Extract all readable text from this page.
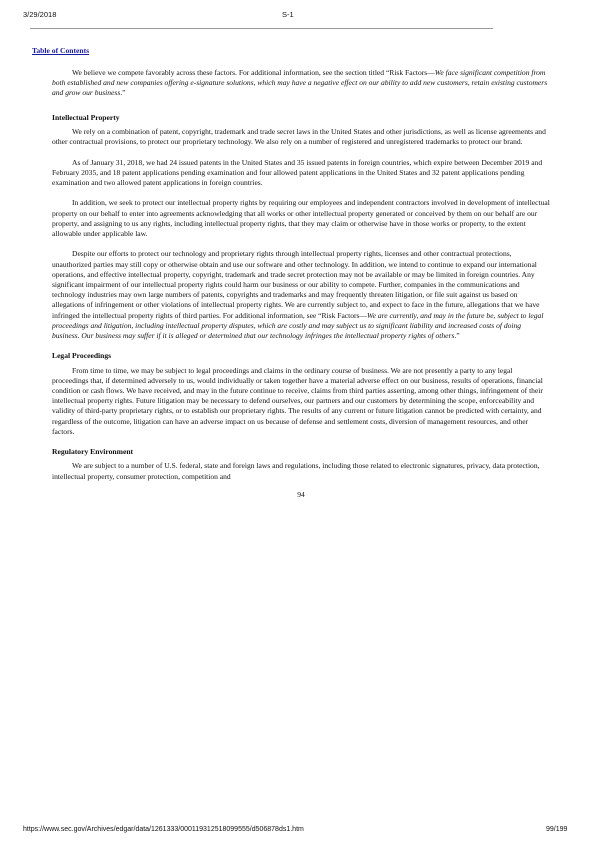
3/29/2018	S-1
Table of Contents

We believe we compete favorably across these factors. For additional information, see the section titled “Risk Factors—We face significant competition from both established and new companies offering e-signature solutions, which may have a negative effect on our ability to add new customers, retain existing customers and grow our business.”

Intellectual Property

We rely on a combination of patent, copyright, trademark and trade secret laws in the United States and other jurisdictions, as well as license agreements and other contractual provisions, to protect our proprietary technology. We also rely on a number of registered and unregistered trademarks to protect our brand.

As of January 31, 2018, we had 24 issued patents in the United States and 35 issued patents in foreign countries, which expire between December 2019 and February 2035, and 18 patent applications pending examination and four allowed patent applications in the United States and 32 patent applications pending examination and two allowed patent applications in foreign countries.

In addition, we seek to protect our intellectual property rights by requiring our employees and independent contractors involved in development of intellectual property on our behalf to enter into agreements acknowledging that all works or other intellectual property generated or conceived by them on our behalf are our property, and assigning to us any rights, including intellectual property rights, that they may claim or otherwise have in those works or property, to the extent allowable under applicable law.

Despite our efforts to protect our technology and proprietary rights through intellectual property rights, licenses and other contractual protections, unauthorized parties may still copy or otherwise obtain and use our software and other technology. In addition, we intend to continue to expand our international operations, and effective intellectual property, copyright, trademark and trade secret protection may not be available or may be limited in foreign countries. Any significant impairment of our intellectual property rights could harm our business or our ability to compete. Further, companies in the communications and technology industries may own large numbers of patents, copyrights and trademarks and may frequently threaten litigation, or file suit against us based on allegations of infringement or other violations of intellectual property rights. We are currently subject to, and expect to face in the future, allegations that we have infringed the intellectual property rights of third parties. For additional information, see “Risk Factors—We are currently, and may in the future be, subject to legal proceedings and litigation, including intellectual property disputes, which are costly and may subject us to significant liability and increased costs of doing business. Our business may suffer if it is alleged or determined that our technology infringes the intellectual property rights of others.”

Legal Proceedings

From time to time, we may be subject to legal proceedings and claims in the ordinary course of business. We are not presently a party to any legal proceedings that, if determined adversely to us, would individually or taken together have a material adverse effect on our business, results of operations, financial condition or cash flows. We have received, and may in the future continue to receive, claims from third parties asserting, among other things, infringement of their intellectual property rights. Future litigation may be necessary to defend ourselves, our partners and our customers by determining the scope, enforceability and validity of third-party proprietary rights, or to establish our proprietary rights. The results of any current or future litigation cannot be predicted with certainty, and regardless of the outcome, litigation can have an adverse impact on us because of defense and settlement costs, diversion of management resources, and other factors.

Regulatory Environment

We are subject to a number of U.S. federal, state and foreign laws and regulations, including those related to electronic signatures, privacy, data protection, intellectual property, consumer protection, competition and

94
https://www.sec.gov/Archives/edgar/data/1261333/000119312518099555/d506878ds1.htm	99/199
